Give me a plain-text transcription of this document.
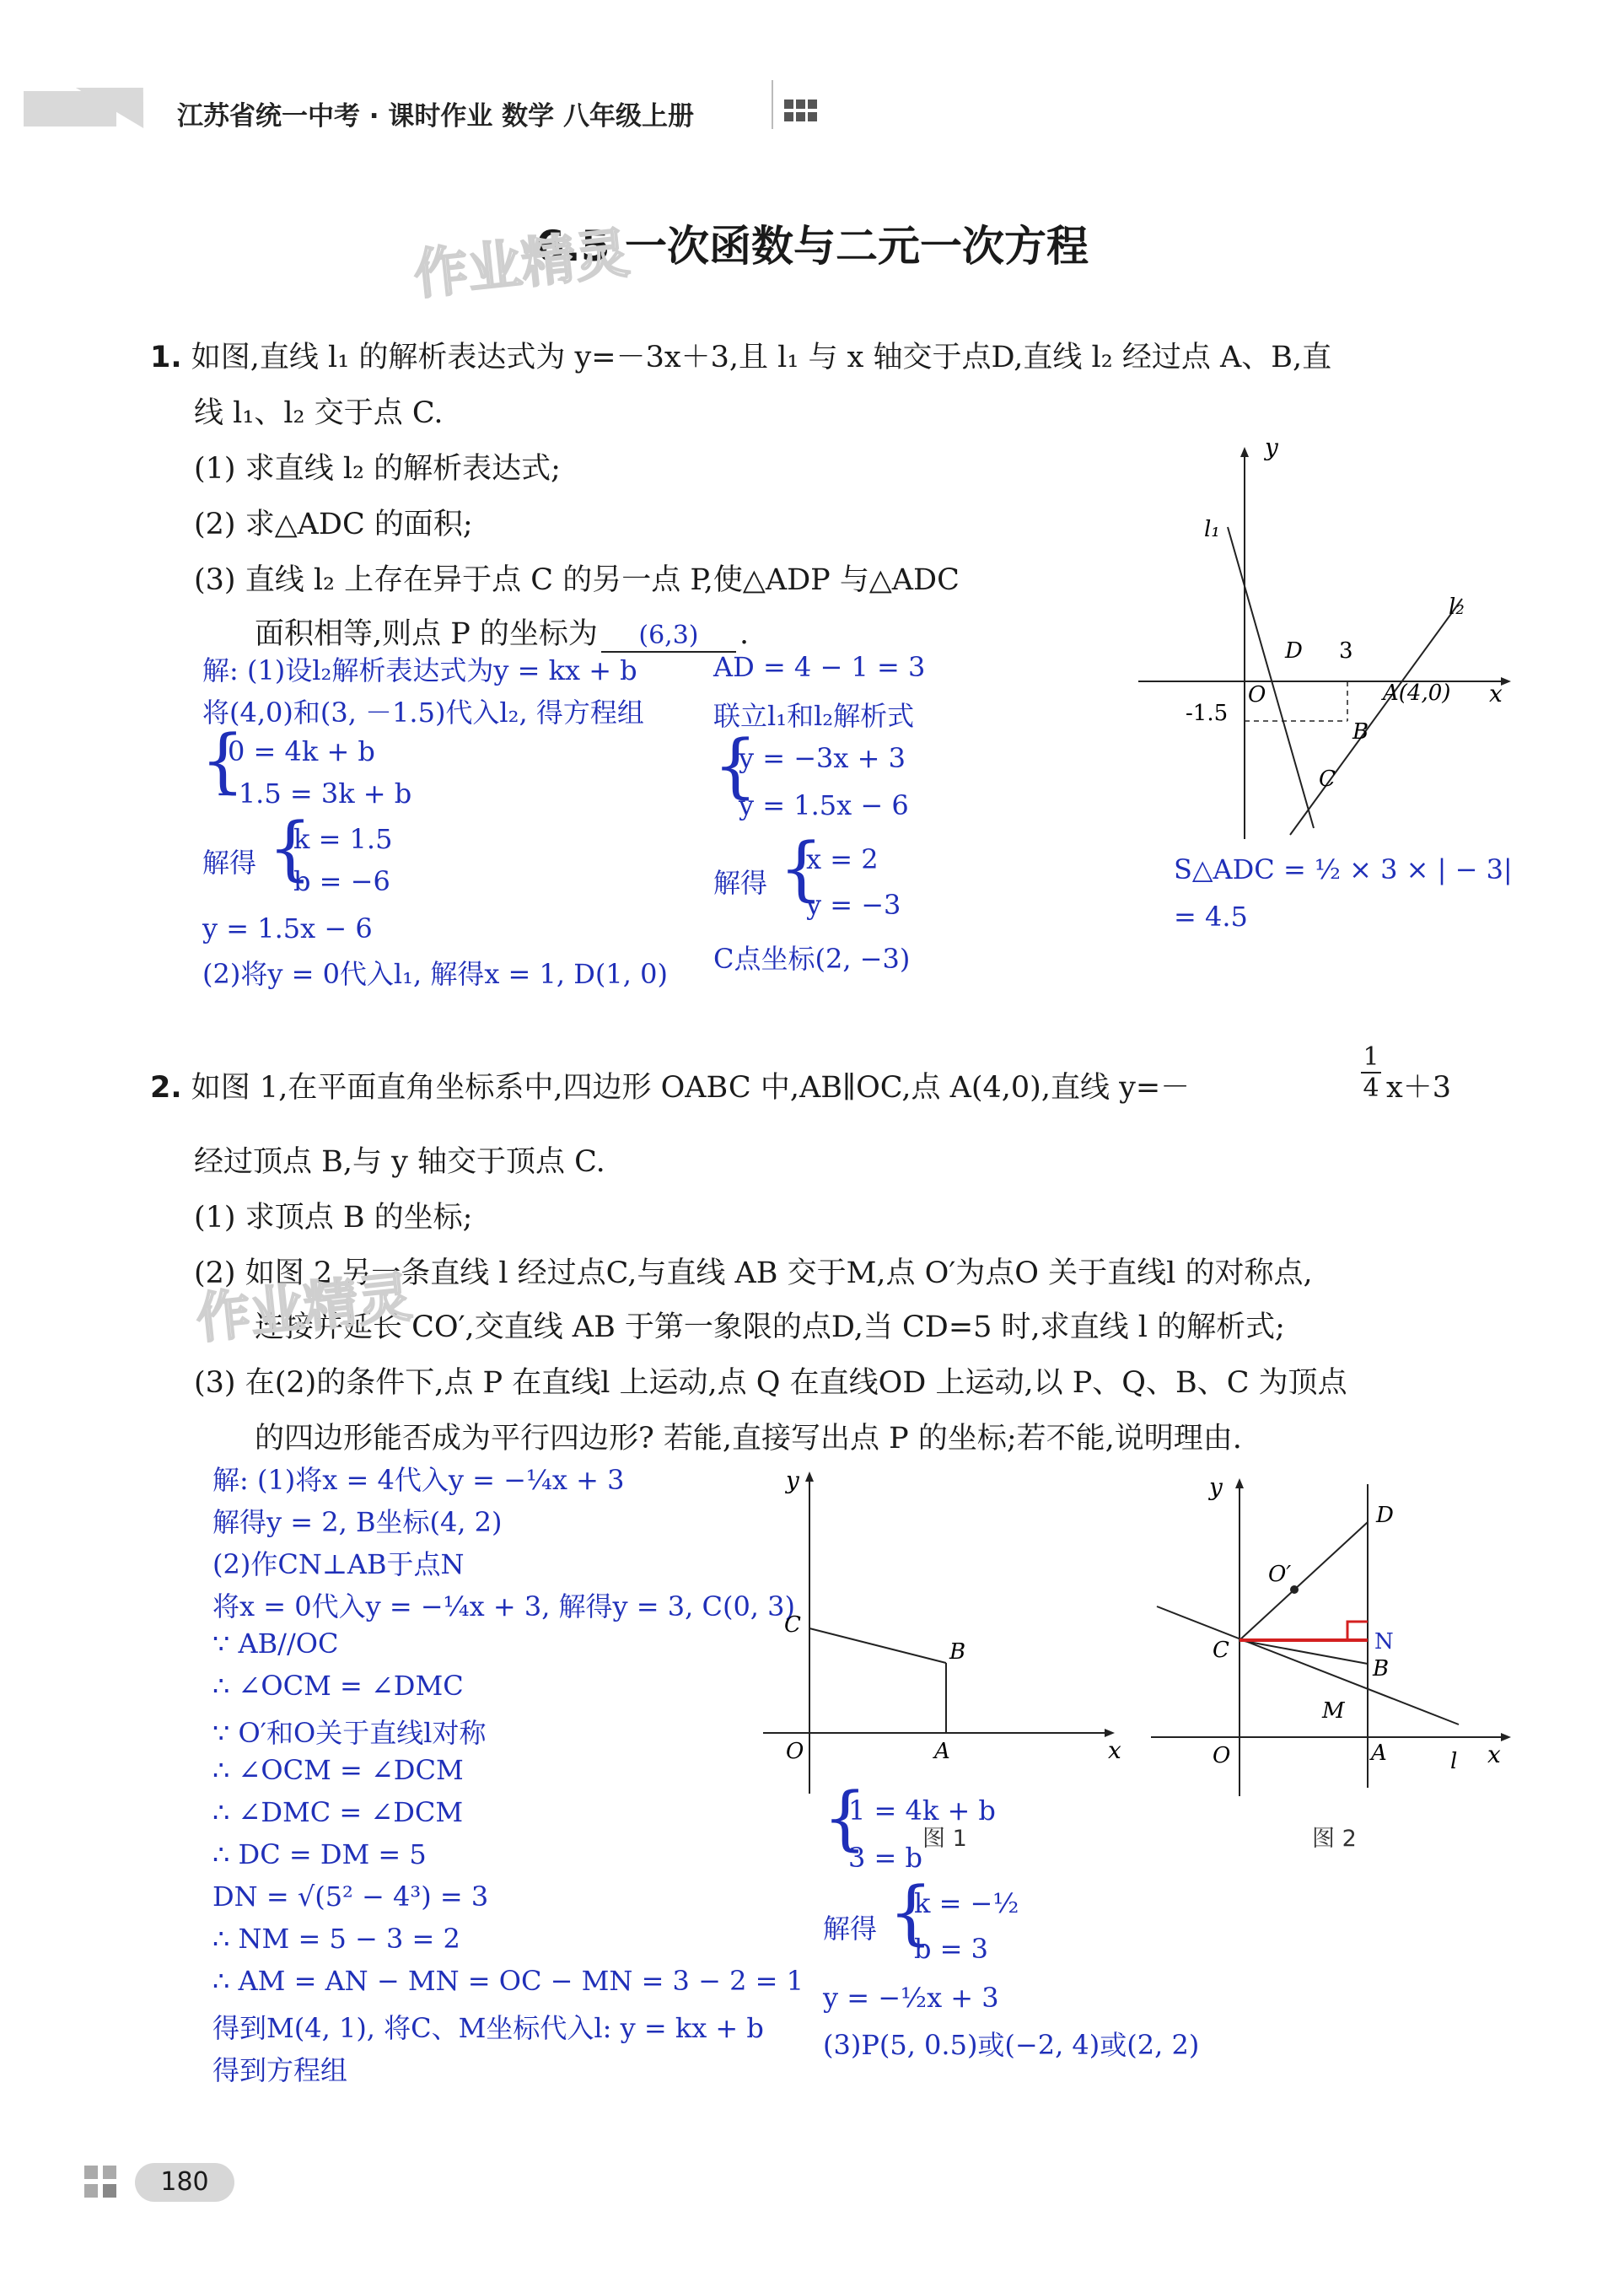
江苏省统一中考 · 课时作业 数学 八年级上册
6.5 一次函数与二元一次方程
作业精灵
1. 如图,直线 l₁ 的解析表达式为 y=－3x＋3,且 l₁ 与 x 轴交于点D,直线 l₂ 经过点 A、B,直
线 l₁、l₂ 交于点 C.
(1) 求直线 l₂ 的解析表达式;
(2) 求△ADC 的面积;
(3) 直线 l₂ 上存在异于点 C 的另一点 P,使△ADP 与△ADC
面积相等,则点 P 的坐标为 (6,3) .
解: (1)设l₂解析表达式为y = kx + b
将(4,0)和(3, －1.5)代入l₂, 得方程组
{
0 = 4k + b
−1.5 = 3k + b
解得 {
k = 1.5
b = −6
y = 1.5x − 6
(2)将y = 0代入l₁, 解得x = 1, D(1, 0)
AD = 4 − 1 = 3
联立l₁和l₂解析式
{
y = −3x + 3
y = 1.5x − 6
解得 {
x = 2
y = −3
C点坐标(2, −3)
S△ADC = ½ × 3 × | − 3|
= 4.5
y
x
l₁
l₂
O
D 3
A(4,0)
-1.5
B
C
2. 如图 1,在平面直角坐标系中,四边形 OABC 中,AB∥OC,点 A(4,0),直线 y=－	$\frac{1}{4} x+3$
经过顶点 B,与 y 轴交于顶点 C.
(1) 求顶点 B 的坐标;
(2) 如图 2,另一条直线 l 经过点C,与直线 AB 交于M,点 O′为点O 关于直线l 的对称点,
连接并延长 CO′,交直线 AB 于第一象限的点D,当 CD=5 时,求直线 l 的解析式;
作业精灵
(3) 在(2)的条件下,点 P 在直线l 上运动,点 Q 在直线OD 上运动,以 P、Q、B、C 为顶点
的四边形能否成为平行四边形? 若能,直接写出点 P 的坐标;若不能,说明理由.
解: (1)将x = 4代入y = −¼x + 3
解得y = 2, B坐标(4, 2)
(2)作CN⊥AB于点N
将x = 0代入y = −¼x + 3, 解得y = 3, C(0, 3)
∵ AB//OC
∴ ∠OCM = ∠DMC
∵ O′和O关于直线l对称
∴ ∠OCM = ∠DCM
∴ ∠DMC = ∠DCM
∴ DC = DM = 5
DN = √(5² − 4³) = 3
∴ NM = 5 − 3 = 2
∴ AM = AN − MN = OC − MN = 3 − 2 = 1
得到M(4, 1), 将C、M坐标代入l: y = kx + b
得到方程组
{
1 = 4k + b
3 = b
解得 {
k = −½
b = 3
y = −½x + 3
(3)P(5, 0.5)或(−2, 4)或(2, 2)
y
x
C
B
O	A
图 1
y
x
D
O′
N
C
B
M
O	A	l
图 2
180
